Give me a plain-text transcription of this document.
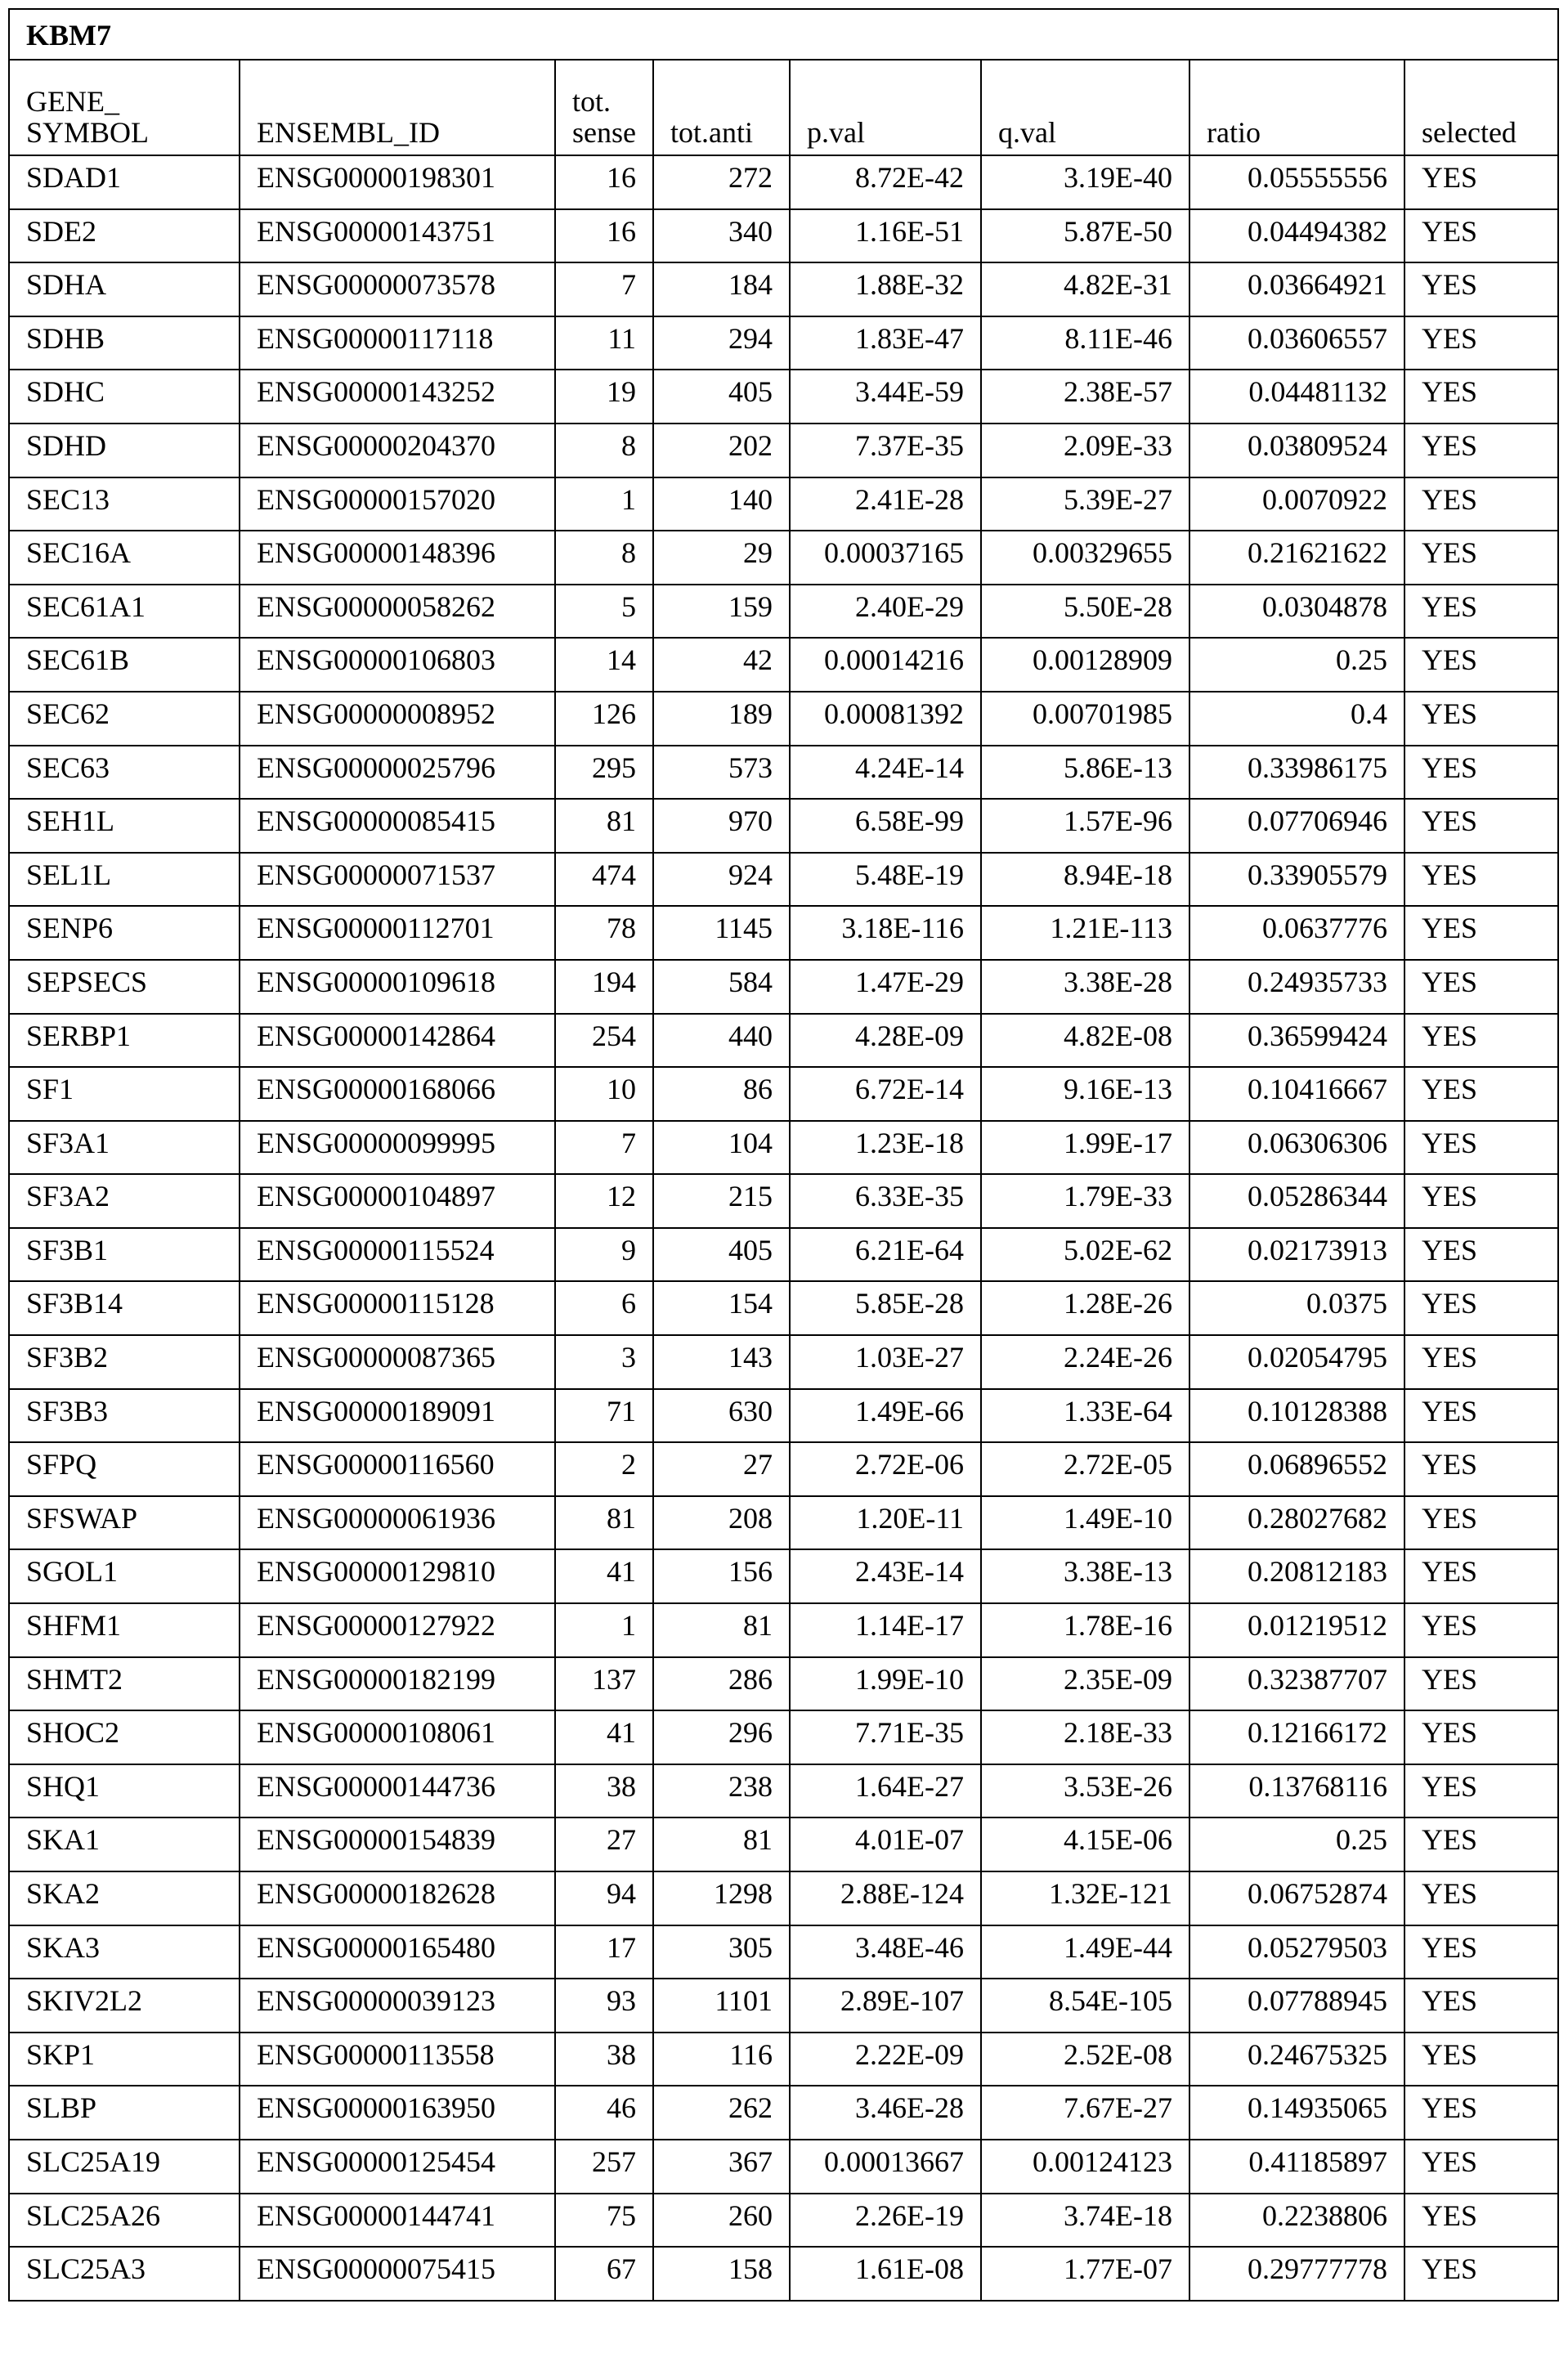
KBM7
GENE_ SYMBOL	ENSEMBL_ID	tot. sense	tot.anti	p.val	q.val	ratio	selected
SDAD1	ENSG00000198301	16	272	8.72E-42	3.19E-40	0.05555556	YES
SDE2	ENSG00000143751	16	340	1.16E-51	5.87E-50	0.04494382	YES
SDHA	ENSG00000073578	7	184	1.88E-32	4.82E-31	0.03664921	YES
SDHB	ENSG00000117118	11	294	1.83E-47	8.11E-46	0.03606557	YES
SDHC	ENSG00000143252	19	405	3.44E-59	2.38E-57	0.04481132	YES
SDHD	ENSG00000204370	8	202	7.37E-35	2.09E-33	0.03809524	YES
SEC13	ENSG00000157020	1	140	2.41E-28	5.39E-27	0.0070922	YES
SEC16A	ENSG00000148396	8	29	0.00037165	0.00329655	0.21621622	YES
SEC61A1	ENSG00000058262	5	159	2.40E-29	5.50E-28	0.0304878	YES
SEC61B	ENSG00000106803	14	42	0.00014216	0.00128909	0.25	YES
SEC62	ENSG00000008952	126	189	0.00081392	0.00701985	0.4	YES
SEC63	ENSG00000025796	295	573	4.24E-14	5.86E-13	0.33986175	YES
SEH1L	ENSG00000085415	81	970	6.58E-99	1.57E-96	0.07706946	YES
SEL1L	ENSG00000071537	474	924	5.48E-19	8.94E-18	0.33905579	YES
SENP6	ENSG00000112701	78	1145	3.18E-116	1.21E-113	0.0637776	YES
SEPSECS	ENSG00000109618	194	584	1.47E-29	3.38E-28	0.24935733	YES
SERBP1	ENSG00000142864	254	440	4.28E-09	4.82E-08	0.36599424	YES
SF1	ENSG00000168066	10	86	6.72E-14	9.16E-13	0.10416667	YES
SF3A1	ENSG00000099995	7	104	1.23E-18	1.99E-17	0.06306306	YES
SF3A2	ENSG00000104897	12	215	6.33E-35	1.79E-33	0.05286344	YES
SF3B1	ENSG00000115524	9	405	6.21E-64	5.02E-62	0.02173913	YES
SF3B14	ENSG00000115128	6	154	5.85E-28	1.28E-26	0.0375	YES
SF3B2	ENSG00000087365	3	143	1.03E-27	2.24E-26	0.02054795	YES
SF3B3	ENSG00000189091	71	630	1.49E-66	1.33E-64	0.10128388	YES
SFPQ	ENSG00000116560	2	27	2.72E-06	2.72E-05	0.06896552	YES
SFSWAP	ENSG00000061936	81	208	1.20E-11	1.49E-10	0.28027682	YES
SGOL1	ENSG00000129810	41	156	2.43E-14	3.38E-13	0.20812183	YES
SHFM1	ENSG00000127922	1	81	1.14E-17	1.78E-16	0.01219512	YES
SHMT2	ENSG00000182199	137	286	1.99E-10	2.35E-09	0.32387707	YES
SHOC2	ENSG00000108061	41	296	7.71E-35	2.18E-33	0.12166172	YES
SHQ1	ENSG00000144736	38	238	1.64E-27	3.53E-26	0.13768116	YES
SKA1	ENSG00000154839	27	81	4.01E-07	4.15E-06	0.25	YES
SKA2	ENSG00000182628	94	1298	2.88E-124	1.32E-121	0.06752874	YES
SKA3	ENSG00000165480	17	305	3.48E-46	1.49E-44	0.05279503	YES
SKIV2L2	ENSG00000039123	93	1101	2.89E-107	8.54E-105	0.07788945	YES
SKP1	ENSG00000113558	38	116	2.22E-09	2.52E-08	0.24675325	YES
SLBP	ENSG00000163950	46	262	3.46E-28	7.67E-27	0.14935065	YES
SLC25A19	ENSG00000125454	257	367	0.00013667	0.00124123	0.41185897	YES
SLC25A26	ENSG00000144741	75	260	2.26E-19	3.74E-18	0.2238806	YES
SLC25A3	ENSG00000075415	67	158	1.61E-08	1.77E-07	0.29777778	YES
